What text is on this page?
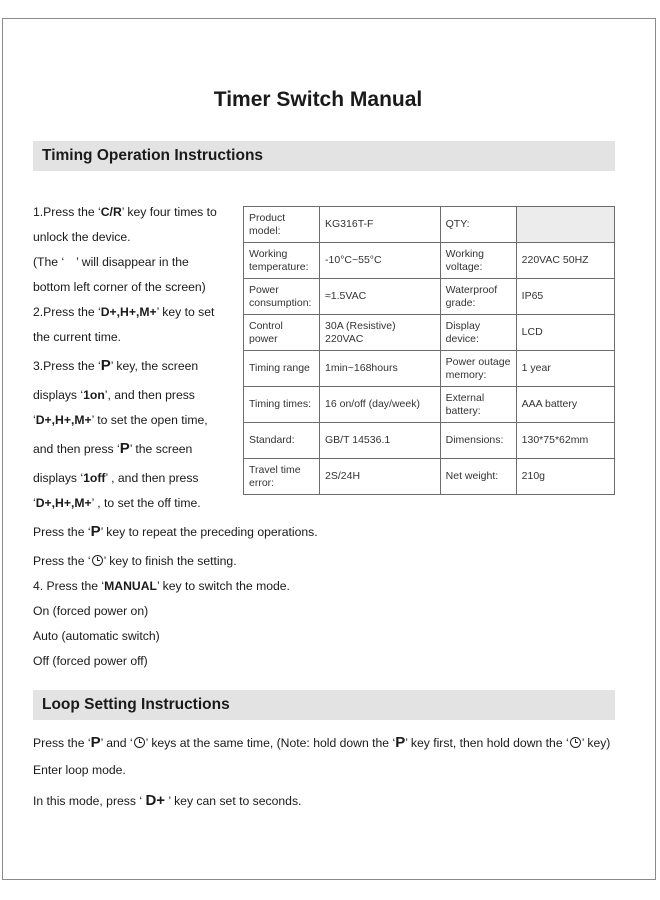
Timer Switch Manual
Timing Operation Instructions
1.Press the ‘C/R’ key four times to
unlock the device.
(The ‘ ’ will disappear in the
bottom left corner of the screen)
2.Press the ‘D+,H+,M+’ key to set
the current time.
3.Press the ‘P’ key, the screen
displays ‘1on’, and then press
‘D+,H+,M+’ to set the open time,
and then press ‘P’ the screen
displays ‘1off’ , and then press
‘D+,H+,M+’ , to set the off time.
Press the ‘P’ key to repeat the preceding operations.
Press the ‘ ’ key to finish the setting.
4. Press the ‘MANUAL’ key to switch the mode.
On (forced power on)
Auto (automatic switch)
Off (forced power off)
Product model:	KG316T-F	QTY:	
Working temperature:	-10°C~55°C	Working voltage:	220VAC 50HZ
Power consumption:	≈1.5VAC	Waterproof grade:	IP65
Control power	30A (Resistive) 220VAC	Display device:	LCD
Timing range	1min~168hours	Power outage memory:	1 year
Timing times:	16 on/off (day/week)	External battery:	AAA battery
Standard:	GB/T 14536.1	Dimensions:	130*75*62mm
Travel time error:	2S/24H	Net weight:	210g
Loop Setting Instructions
Press the ‘P’ and ‘ ’ keys at the same time, (Note: hold down the ‘P’ key first, then hold down the ‘ ’ key)
Enter loop mode.
In this mode, press ‘ D+ ’ key can set to seconds.
